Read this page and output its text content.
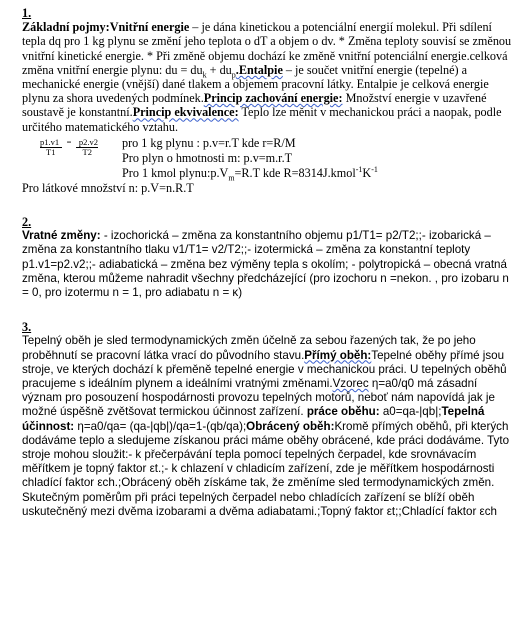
1.

Základní pojmy:Vnitřní energie – je dána kinetickou a potenciální energií molekul. Při sdílení tepla dq pro 1 kg plynu se změní jeho teplota o dT a objem o dv. * Změna teploty souvisí se změnou vnitřní kinetické energie. * Při změně objemu dochází ke změně vnitřní potenciální energie.celková změna vnitřní energie plynu: du = $du_k$ + $du_p.Entalpie$ – je součet vnitřní energie (tepelné) a mechanické energie (vnější) dané tlakem a objemem pracovní látky. Entalpie je celková energie plynu za shora uvedených podmínek.Princip zachování energie: Množství energie v uzavřené soustavě je konstantní.Princip ekvivalence: Teplo lze měnit v mechanickou práci a naopak, podle určitého matematického vztahu.

p1.v1 = p2.v2
T1	T2
pro 1 kg plynu : p.v=r.T kde r=R/M
Pro plyn o hmotnosti m: p.v=m.r.T
Pro 1 kmol $plynu:p.V_m=R.T$ kde $R=8314J.kmol^{-1}K^{-1}$

Pro látkové množství n: p.V=n.R.T

2.

Vratné změny: - izochorická – změna za konstantního objemu p1/T1= p2/T2;;- izobarická – změna za konstantního tlaku v1/T1= v2/T2;;- izotermická – změna za konstantní teploty p1.v1=p2.v2;;- adiabatická – změna bez výměny tepla s okolím; - polytropická – obecná vratná změna, kterou můžeme nahradit všechny předcházející (pro izochoru n =nekon. , pro izobaru n = 0, pro izotermu n = 1, pro adiabatu n = κ)

3.

Tepelný oběh je sled termodynamických změn účelně za sebou řazených tak, že po jeho proběhnutí se pracovní látka vrací do původního stavu.Přímý oběh:Tepelné oběhy přímé jsou stroje, ve kterých dochází k přeměně tepelné energie v mechanickou práci. U tepelných oběhů pracujeme s ideálním plynem a ideálními vratnými změnami.Vzorec η=a0/q0 má zásadní význam pro posouzení hospodárnosti provozu tepelných motorů, neboť nám napovídá jak je možné úspěšně zvětšovat termickou účinnost zařízení. práce oběhu: a0=qa-|qb|;Tepelná účinnost: η=a0/qa= (qa-|qb|)/qa=1-(qb/qa);Obrácený oběh:Kromě přímých oběhů, při kterých dodáváme teplo a sledujeme získanou práci máme oběhy obrácené, kde práci dodáváme. Tyto stroje mohou sloužit:- k přečerpávání tepla pomocí tepelných čerpadel, kde srovnávacím měřítkem je topný faktor εt.;- k chlazení v chladicím zařízení, zde je měřítkem hospodárnosti chladící faktor εch.;Obrácený oběh získáme tak, že změníme sled termodynamických změn. Skutečným poměrům při práci tepelných čerpadel nebo chladících zařízení se blíží oběh uskutečněný mezi dvěma izobarami a dvěma adiabatami.;Topný faktor εt;;Chladící faktor εch
